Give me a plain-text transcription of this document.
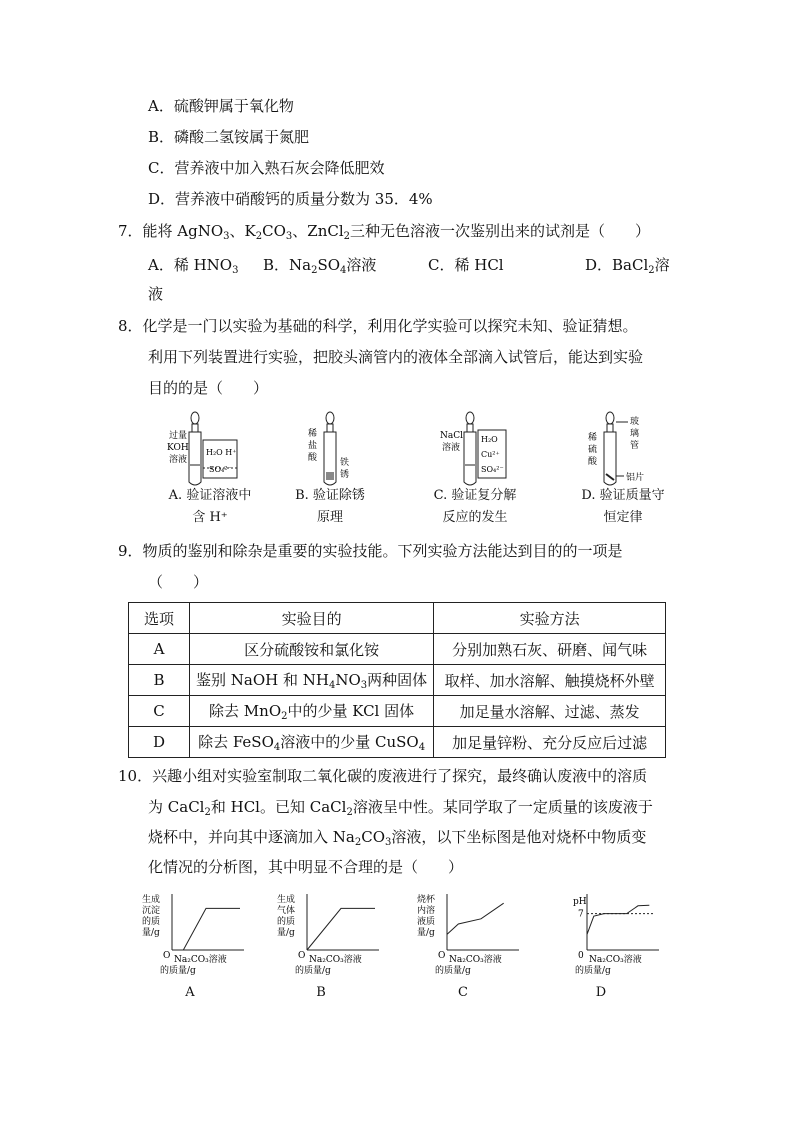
A．硫酸钾属于氧化物
B．磷酸二氢铵属于氮肥
C．营养液中加入熟石灰会降低肥效
D．营养液中硝酸钙的质量分数为 35．4%
7．能将 AgNO$_3$、$K_2CO_3$、ZnCl$_2$三种无色溶液一次鉴别出来的试剂是（　　）
A．稀 $HNO_3$ B．$Na_2SO_4$溶液	C．稀 HCl	D．BaCl$_2$溶
液
8．化学是一门以实验为基础的科学，利用化学实验可以探究未知、验证猜想。
利用下列装置进行实验，把胶头滴管内的液体全部滴入试管后，能达到实验
目的的是（　　）
过量
KOH
溶液
H₂O H⁺
SO₄²⁻
A. 验证溶液中
含 H⁺
稀
盐
酸	铁
锈
B. 验证除锈
原理
NaCl
溶液
H₂O
Cu²⁺
SO₄²⁻
C. 验证复分解
反应的发生
稀
硫
酸
玻
璃
管
铝片
D. 验证质量守
恒定律
9．物质的鉴别和除杂是重要的实验技能。下列实验方法能达到目的的一项是
（　　）
选项	实验目的	实验方法
A	区分硫酸铵和氯化铵	分别加熟石灰、研磨、闻气味
B	鉴别 NaOH 和 $NH_4NO_3$两种固体	取样、加水溶解、触摸烧杯外壁
C	除去 MnO$_2$中的少量 KCl 固体	加足量水溶解、过滤、蒸发
D	除去 FeSO$_4$溶液中的少量 CuSO$_4$	加足量锌粉、充分反应后过滤
10．兴趣小组对实验室制取二氧化碳的废液进行了探究，最终确认废液中的溶质
为 CaCl$_2$和 HCl。已知 CaCl$_2$溶液呈中性。某同学取了一定质量的该废液于
烧杯中，并向其中逐滴加入 $Na_2CO_3$溶液，以下坐标图是他对烧杯中物质变
化情况的分析图，其中明显不合理的是（　　）
生成
沉淀
的质
量/g
O Na₂CO₃溶液
的质量/g
生成
气体
的质
量/g
O Na₂CO₃溶液
的质量/g
烧杯
内溶
液质
量/g
O Na₂CO₃溶液
的质量/g
pH
0 Na₂CO₃溶液
的质量/g
7
A	B	C	D
